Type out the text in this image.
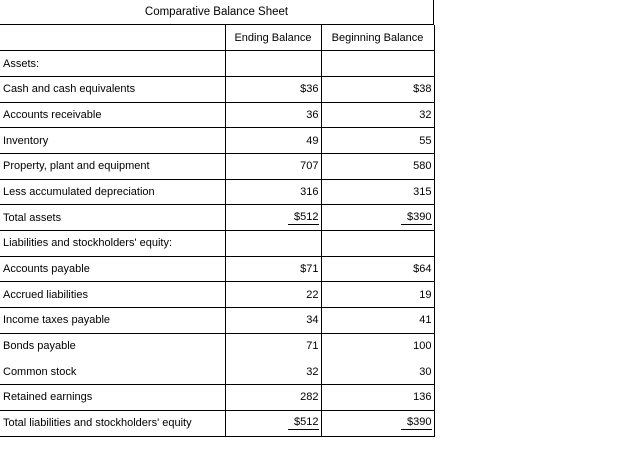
Comparative Balance Sheet
	Ending Balance	Beginning Balance
Assets:		
Cash and cash equivalents	$36	$38
Accounts receivable	36	32
Inventory	49	55
Property, plant and equipment	707	580
Less accumulated depreciation	316	315
Total assets	$512	$390
Liabilities and stockholders' equity:		
Accounts payable	$71	$64
Accrued liabilities	22	19
Income taxes payable	34	41
Bonds payable	71	100
Common stock	32	30
Retained earnings	282	136
Total liabilities and stockholders' equity	$512	$390
